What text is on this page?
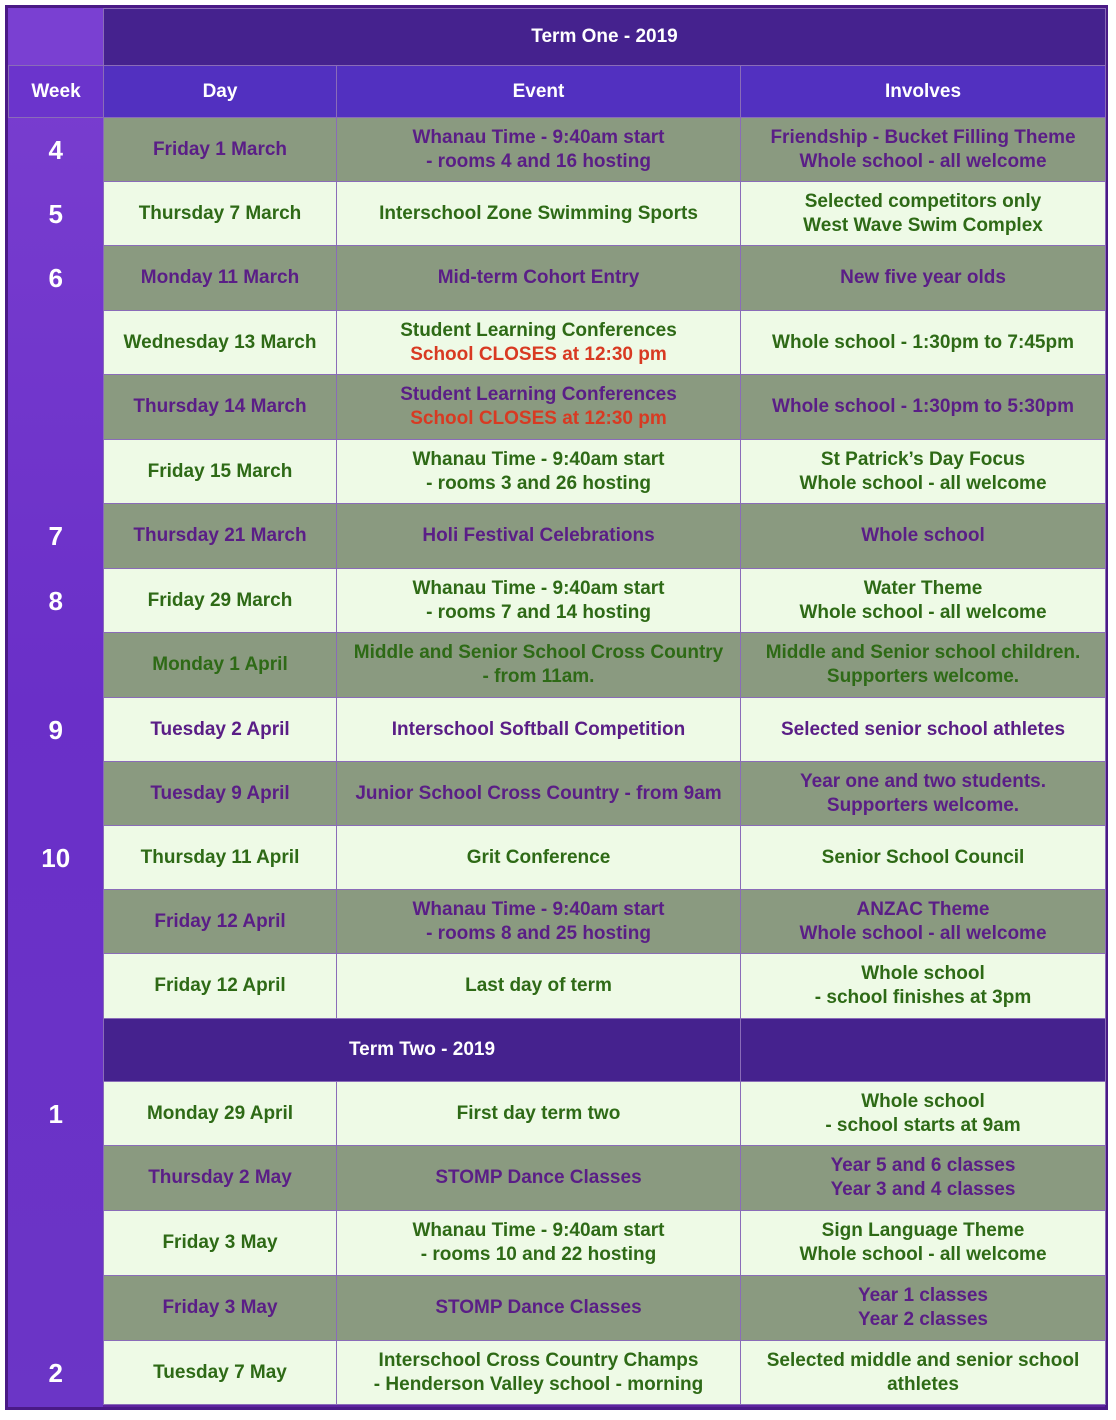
	Term One - 2019		
Week	Day	Event	Involves
4	Friday 1 March	Whanau Time - 9:40am start
- rooms 4 and 16 hosting	Friendship - Bucket Filling Theme
Whole school - all welcome

5	Thursday 7 March	Interschool Zone Swimming Sports	Selected competitors only
West Wave Swim Complex

6	Monday 11 March	Mid-term Cohort Entry	New five year olds

	Wednesday 13 March	Student Learning Conferences
School CLOSES at 12:30 pm	Whole school - 1:30pm to 7:45pm

	Thursday 14 March	Student Learning Conferences
School CLOSES at 12:30 pm	Whole school - 1:30pm to 5:30pm

	Friday 15 March	Whanau Time - 9:40am start
- rooms 3 and 26 hosting	St Patrick’s Day Focus
Whole school - all welcome

7	Thursday 21 March	Holi Festival Celebrations	Whole school

8	Friday 29 March	Whanau Time - 9:40am start
- rooms 7 and 14 hosting	Water Theme
Whole school - all welcome

	Monday 1 April	Middle and Senior School Cross Country
- from 11am.	Middle and Senior school children.
Supporters welcome.

9	Tuesday 2 April	Interschool Softball Competition	Selected senior school athletes

	Tuesday 9 April	Junior School Cross Country - from 9am	Year one and two students.
Supporters welcome.

10	Thursday 11 April	Grit Conference	Senior School Council

	Friday 12 April	Whanau Time - 9:40am start
- rooms 8 and 25 hosting	ANZAC Theme
Whole school - all welcome

	Friday 12 April	Last day of term	Whole school
- school finishes at 3pm

	Term Two - 2019		
1	Monday 29 April	First day term two	Whole school
- school starts at 9am

	Thursday 2 May	STOMP Dance Classes	Year 5 and 6 classes
Year 3 and 4 classes

	Friday 3 May	Whanau Time - 9:40am start
- rooms 10 and 22 hosting	Sign Language Theme
Whole school - all welcome

	Friday 3 May	STOMP Dance Classes	Year 1 classes
Year 2 classes

2	Tuesday 7 May	Interschool Cross Country Champs
- Henderson Valley school - morning	Selected middle and senior school
athletes
